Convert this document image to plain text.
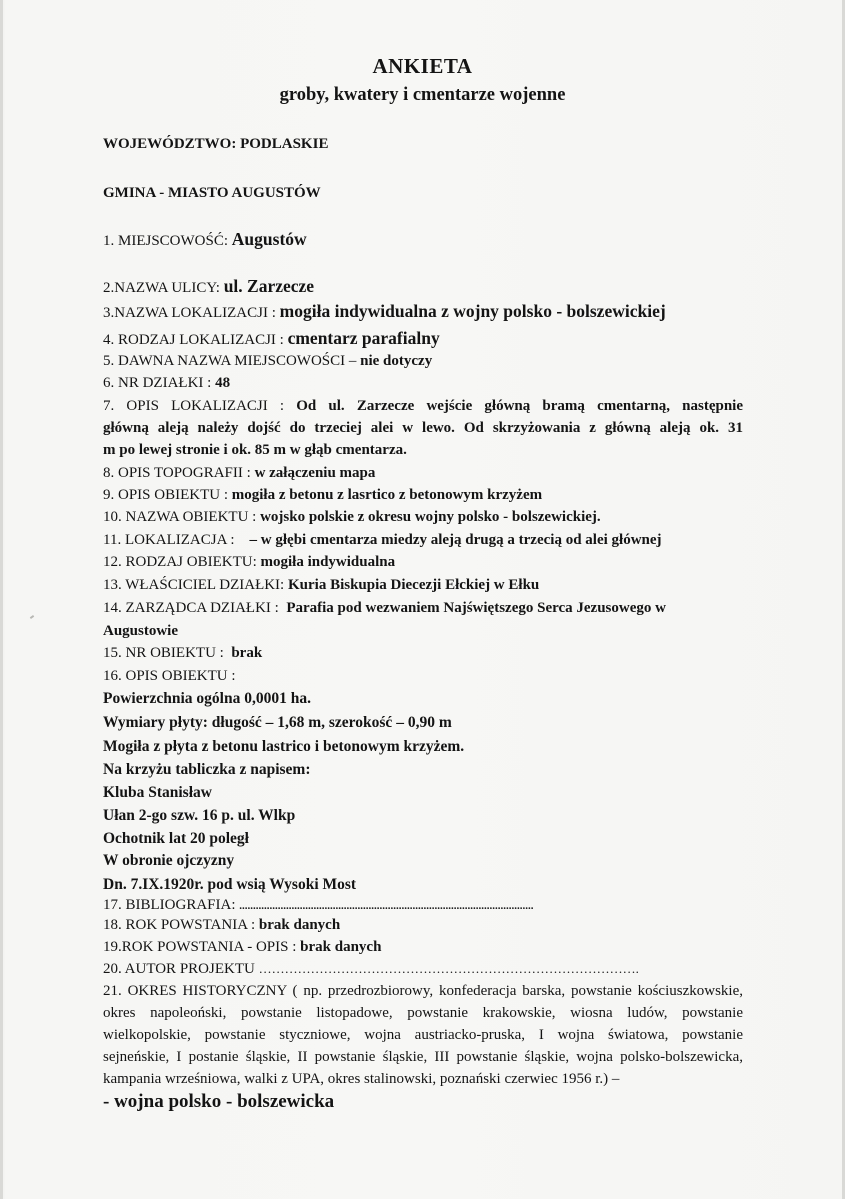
ANKIETA
groby, kwatery i cmentarze wojenne
WOJEWÓDZTWO: PODLASKIE
GMINA - MIASTO AUGUSTÓW
1. MIEJSCOWOŚĆ: Augustów
2.NAZWA ULICY: ul. Zarzecze
3.NAZWA LOKALIZACJI : mogiła indywidualna z wojny polsko - bolszewickiej
4. RODZAJ LOKALIZACJI : cmentarz parafialny
5. DAWNA NAZWA MIEJSCOWOŚCI – nie dotyczy
6. NR DZIAŁKI : 48
7. OPIS LOKALIZACJI : Od ul. Zarzecze wejście główną bramą cmentarną, następnie
główną aleją należy dojść do trzeciej alei w lewo. Od skrzyżowania z główną aleją ok. 31
m po lewej stronie i ok. 85 m w głąb cmentarza.
8. OPIS TOPOGRAFII : w załączeniu mapa
9. OPIS OBIEKTU : mogiła z betonu z lasrtico z betonowym krzyżem
10. NAZWA OBIEKTU : wojsko polskie z okresu wojny polsko - bolszewickiej.
11. LOKALIZACJA :    – w głębi cmentarza miedzy aleją drugą a trzecią od alei głównej
12. RODZAJ OBIEKTU: mogiła indywidualna
13. WŁAŚCICIEL DZIAŁKI: Kuria Biskupia Diecezji Ełckiej w Ełku
14. ZARZĄDCA DZIAŁKI :  Parafia pod wezwaniem Najświętszego Serca Jezusowego w
Augustowie
15. NR OBIEKTU :  brak
16. OPIS OBIEKTU :
Powierzchnia ogólna 0,0001 ha.
Wymiary płyty: długość – 1,68 m, szerokość – 0,90 m
Mogiła z płyta z betonu lastrico i betonowym krzyżem.
Na krzyżu tabliczka z napisem:
Kluba Stanisław
Ułan 2-go szw. 16 p. ul. Wlkp
Ochotnik lat 20 poległ
W obronie ojczyzny
Dn. 7.IX.1920r. pod wsią Wysoki Most
17. BIBLIOGRAFIA: ...........................................................................................................
18. ROK POWSTANIA : brak danych
19.ROK POWSTANIA - OPIS : brak danych
20. AUTOR PROJEKTU …………………………………………………………………………….
21. OKRES HISTORYCZNY ( np. przedrozbiorowy, konfederacja barska, powstanie kościuszkowskie,
okres napoleoński, powstanie listopadowe, powstanie krakowskie, wiosna ludów, powstanie
wielkopolskie, powstanie styczniowe, wojna austriacko-pruska, I wojna światowa, powstanie
sejneńskie, I postanie śląskie, II powstanie śląskie, III powstanie śląskie, wojna polsko-bolszewicka,
kampania wrześniowa, walki z UPA, okres stalinowski, poznański czerwiec 1956 r.) –
- wojna polsko - bolszewicka
